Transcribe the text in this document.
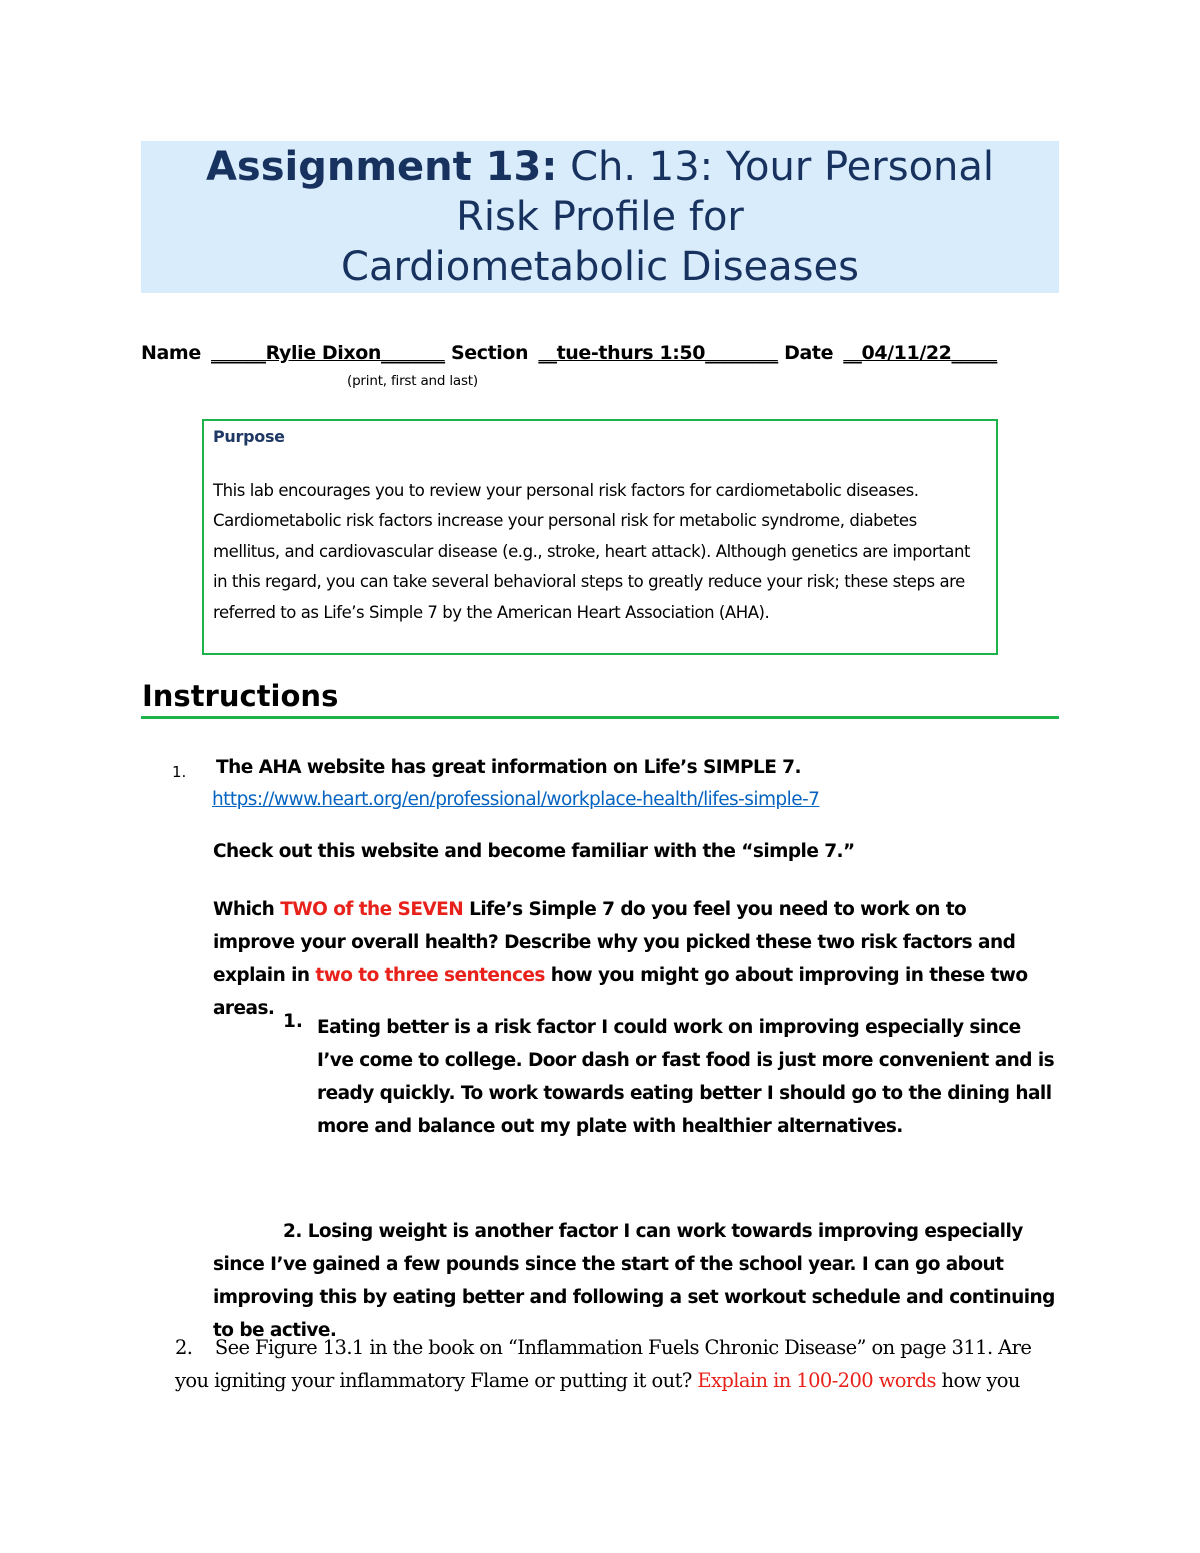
Assignment 13: Ch. 13: Your Personal
Risk Profile for
Cardiometabolic Diseases
Name ______Rylie Dixon_______ Section __tue-thurs 1:50________ Date __04/11/22_____
(print, first and last)
Purpose
This lab encourages you to review your personal risk factors for cardiometabolic diseases. Cardiometabolic risk factors increase your personal risk for metabolic syndrome, diabetes mellitus, and cardiovascular disease (e.g., stroke, heart attack). Although genetics are important in this regard, you can take several behavioral steps to greatly reduce your risk; these steps are referred to as Life’s Simple 7 by the American Heart Association (AHA).
Instructions
1. The AHA website has great information on Life’s SIMPLE 7.
https://www.heart.org/en/professional/workplace-health/lifes-simple-7
Check out this website and become familiar with the “simple 7.”
Which TWO of the SEVEN Life’s Simple 7 do you feel you need to work on to improve your overall health? Describe why you picked these two risk factors and explain in two to three sentences how you might go about improving in these two areas.
1. Eating better is a risk factor I could work on improving especially since I’ve come to college. Door dash or fast food is just more convenient and is ready quickly. To work towards eating better I should go to the dining hall more and balance out my plate with healthier alternatives.
2. Losing weight is another factor I can work towards improving especially since I’ve gained a few pounds since the start of the school year. I can go about improving this by eating better and following a set workout schedule and continuing to be active.
2. See Figure 13.1 in the book on “Inflammation Fuels Chronic Disease” on page 311. Are you igniting your inflammatory Flame or putting it out? Explain in 100-200 words how you
